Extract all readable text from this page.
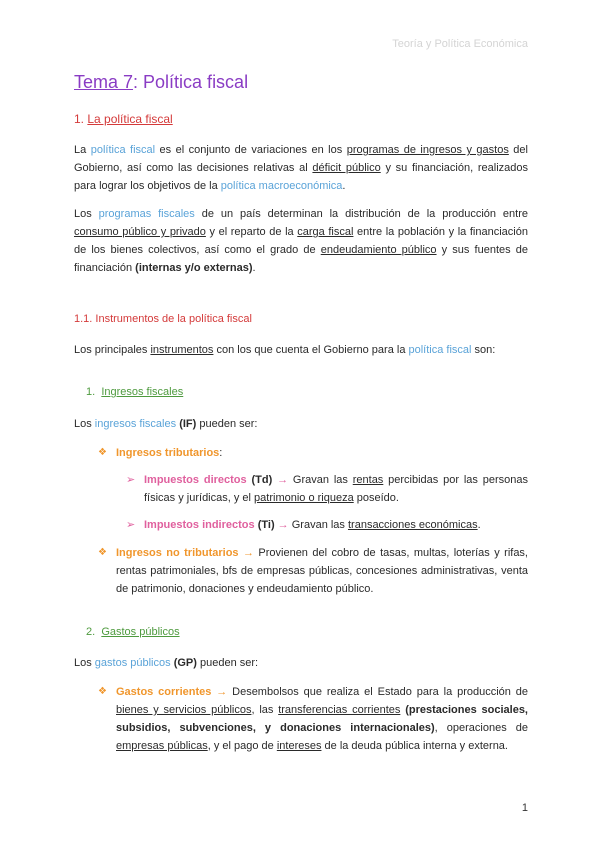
Teoría y Política Económica
Tema 7: Política fiscal
1. La política fiscal
La política fiscal es el conjunto de variaciones en los programas de ingresos y gastos del Gobierno, así como las decisiones relativas al déficit público y su financiación, realizados para lograr los objetivos de la política macroeconómica.
Los programas fiscales de un país determinan la distribución de la producción entre consumo público y privado y el reparto de la carga fiscal entre la población y la financiación de los bienes colectivos, así como el grado de endeudamiento público y sus fuentes de financiación (internas y/o externas).
1.1. Instrumentos de la política fiscal
Los principales instrumentos con los que cuenta el Gobierno para la política fiscal son:
1. Ingresos fiscales
Los ingresos fiscales (IF) pueden ser:
❖ Ingresos tributarios:
➢ Impuestos directos (Td) → Gravan las rentas percibidas por las personas físicas y jurídicas, y el patrimonio o riqueza poseído.
➢ Impuestos indirectos (Ti) → Gravan las transacciones económicas.
❖ Ingresos no tributarios → Provienen del cobro de tasas, multas, loterías y rifas, rentas patrimoniales, bfs de empresas públicas, concesiones administrativas, venta de patrimonio, donaciones y endeudamiento público.
2. Gastos públicos
Los gastos públicos (GP) pueden ser:
❖ Gastos corrientes → Desembolsos que realiza el Estado para la producción de bienes y servicios públicos, las transferencias corrientes (prestaciones sociales, subsidios, subvenciones, y donaciones internacionales), operaciones de empresas públicas, y el pago de intereses de la deuda pública interna y externa.
1
